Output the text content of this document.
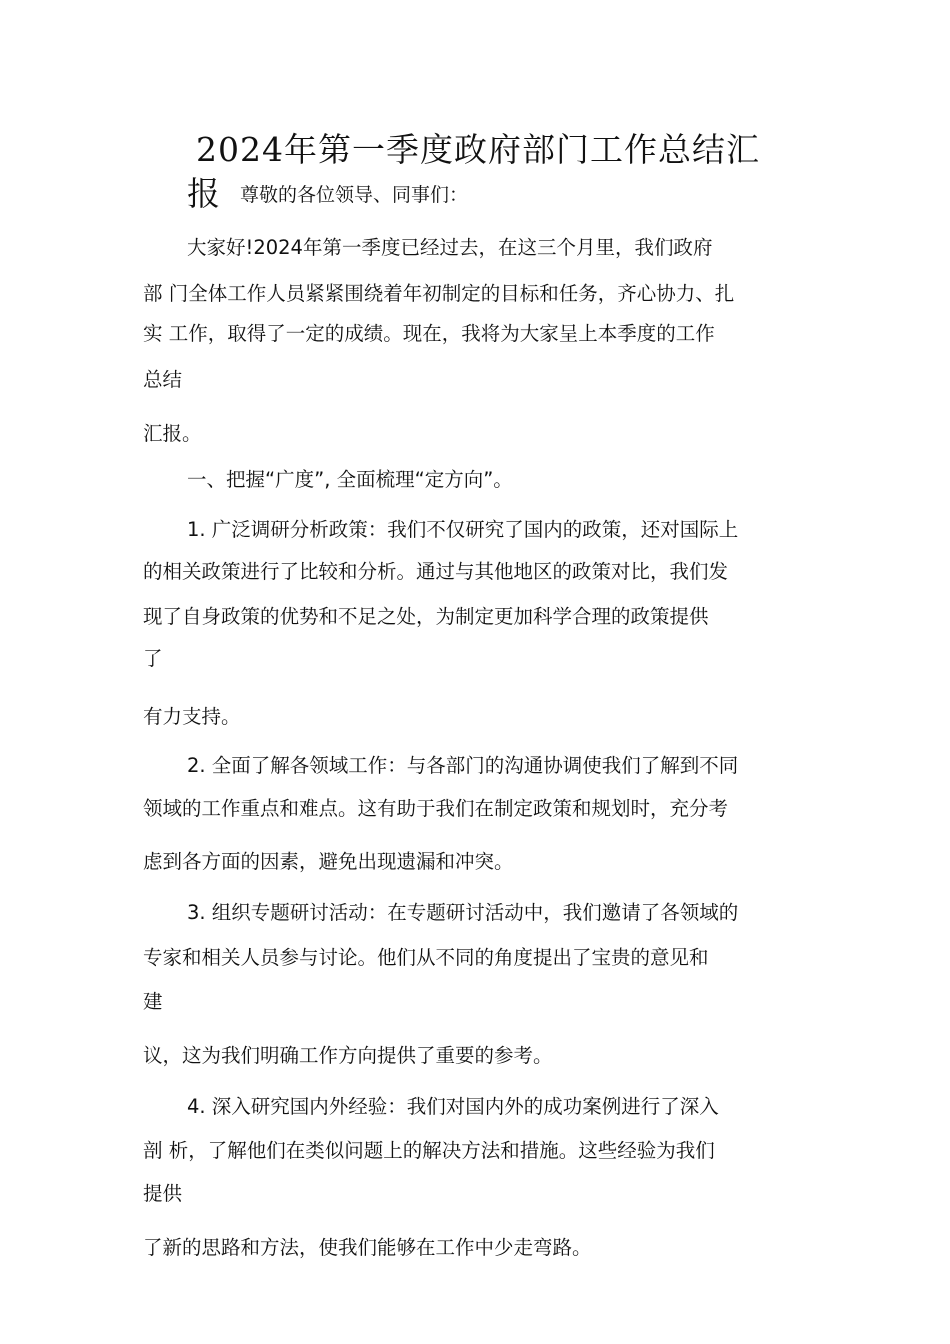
2024年第一季度政府部门工作总结汇
报 尊敬的各位领导、同事们：
大家好!2024年第一季度已经过去，在这三个月里，我们政府
部 门全体工作人员紧紧围绕着年初制定的目标和任务，齐心协力、扎
实 工作，取得了一定的成绩。现在，我将为大家呈上本季度的工作
总结
汇报。
一、把握“广度”, 全面梳理“定方向”。
1. 广泛调研分析政策：我们不仅研究了国内的政策，还对国际上
的相关政策进行了比较和分析。通过与其他地区的政策对比，我们发
现了自身政策的优势和不足之处，为制定更加科学合理的政策提供
了
有力支持。
2. 全面了解各领域工作：与各部门的沟通协调使我们了解到不同
领域的工作重点和难点。这有助于我们在制定政策和规划时，充分考
虑到各方面的因素，避免出现遗漏和冲突。
3. 组织专题研讨活动：在专题研讨活动中，我们邀请了各领域的
专家和相关人员参与讨论。他们从不同的角度提出了宝贵的意见和
建
议，这为我们明确工作方向提供了重要的参考。
4. 深入研究国内外经验：我们对国内外的成功案例进行了深入
剖 析，了解他们在类似问题上的解决方法和措施。这些经验为我们
提供
了新的思路和方法，使我们能够在工作中少走弯路。
